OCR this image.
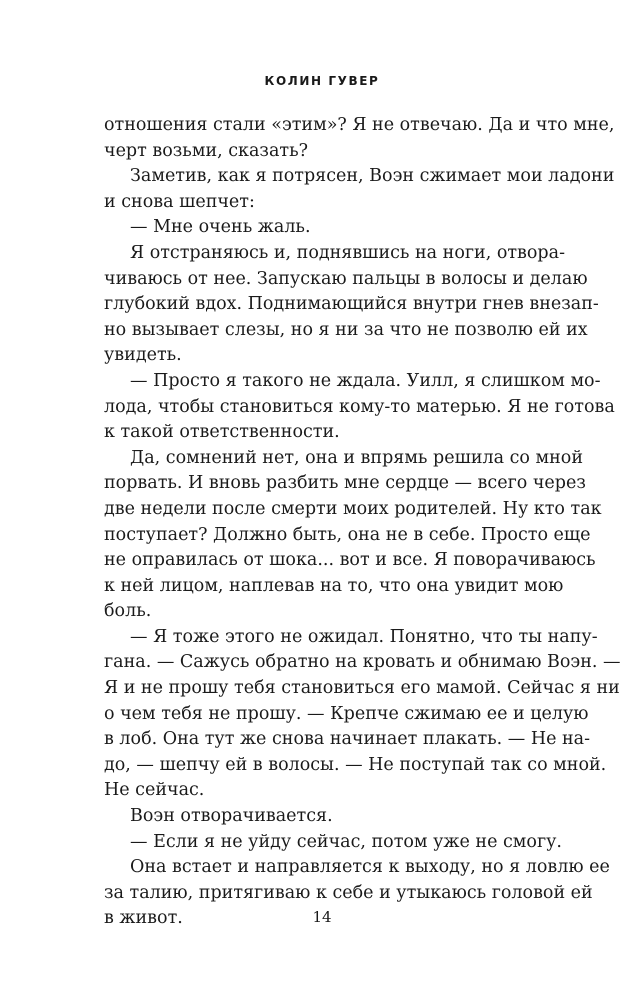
КОЛИН ГУВЕР
отношения стали «этим»? Я не отвечаю. Да и что мне,
черт возьми, сказать?
Заметив, как я потрясен, Воэн сжимает мои ладони
и снова шепчет:
— Мне очень жаль.
Я отстраняюсь и, поднявшись на ноги, отвора-
чиваюсь от нее. Запускаю пальцы в волосы и делаю
глубокий вдох. Поднимающийся внутри гнев внезап-
но вызывает слезы, но я ни за что не позволю ей их
увидеть.
— Просто я такого не ждала. Уилл, я слишком мо-
лода, чтобы становиться кому-то матерью. Я не готова
к такой ответственности.
Да, сомнений нет, она и впрямь решила со мной
порвать. И вновь разбить мне сердце — всего через
две недели после смерти моих родителей. Ну кто так
поступает? Должно быть, она не в себе. Просто еще
не оправилась от шока... вот и все. Я поворачиваюсь
к ней лицом, наплевав на то, что она увидит мою
боль.
— Я тоже этого не ожидал. Понятно, что ты напу-
гана. — Сажусь обратно на кровать и обнимаю Воэн. —
Я и не прошу тебя становиться его мамой. Сейчас я ни
о чем тебя не прошу. — Крепче сжимаю ее и целую
в лоб. Она тут же снова начинает плакать. — Не на-
до, — шепчу ей в волосы. — Не поступай так со мной.
Не сейчас.
Воэн отворачивается.
— Если я не уйду сейчас, потом уже не смогу.
Она встает и направляется к выходу, но я ловлю ее
за талию, притягиваю к себе и утыкаюсь головой ей
в живот.	14
